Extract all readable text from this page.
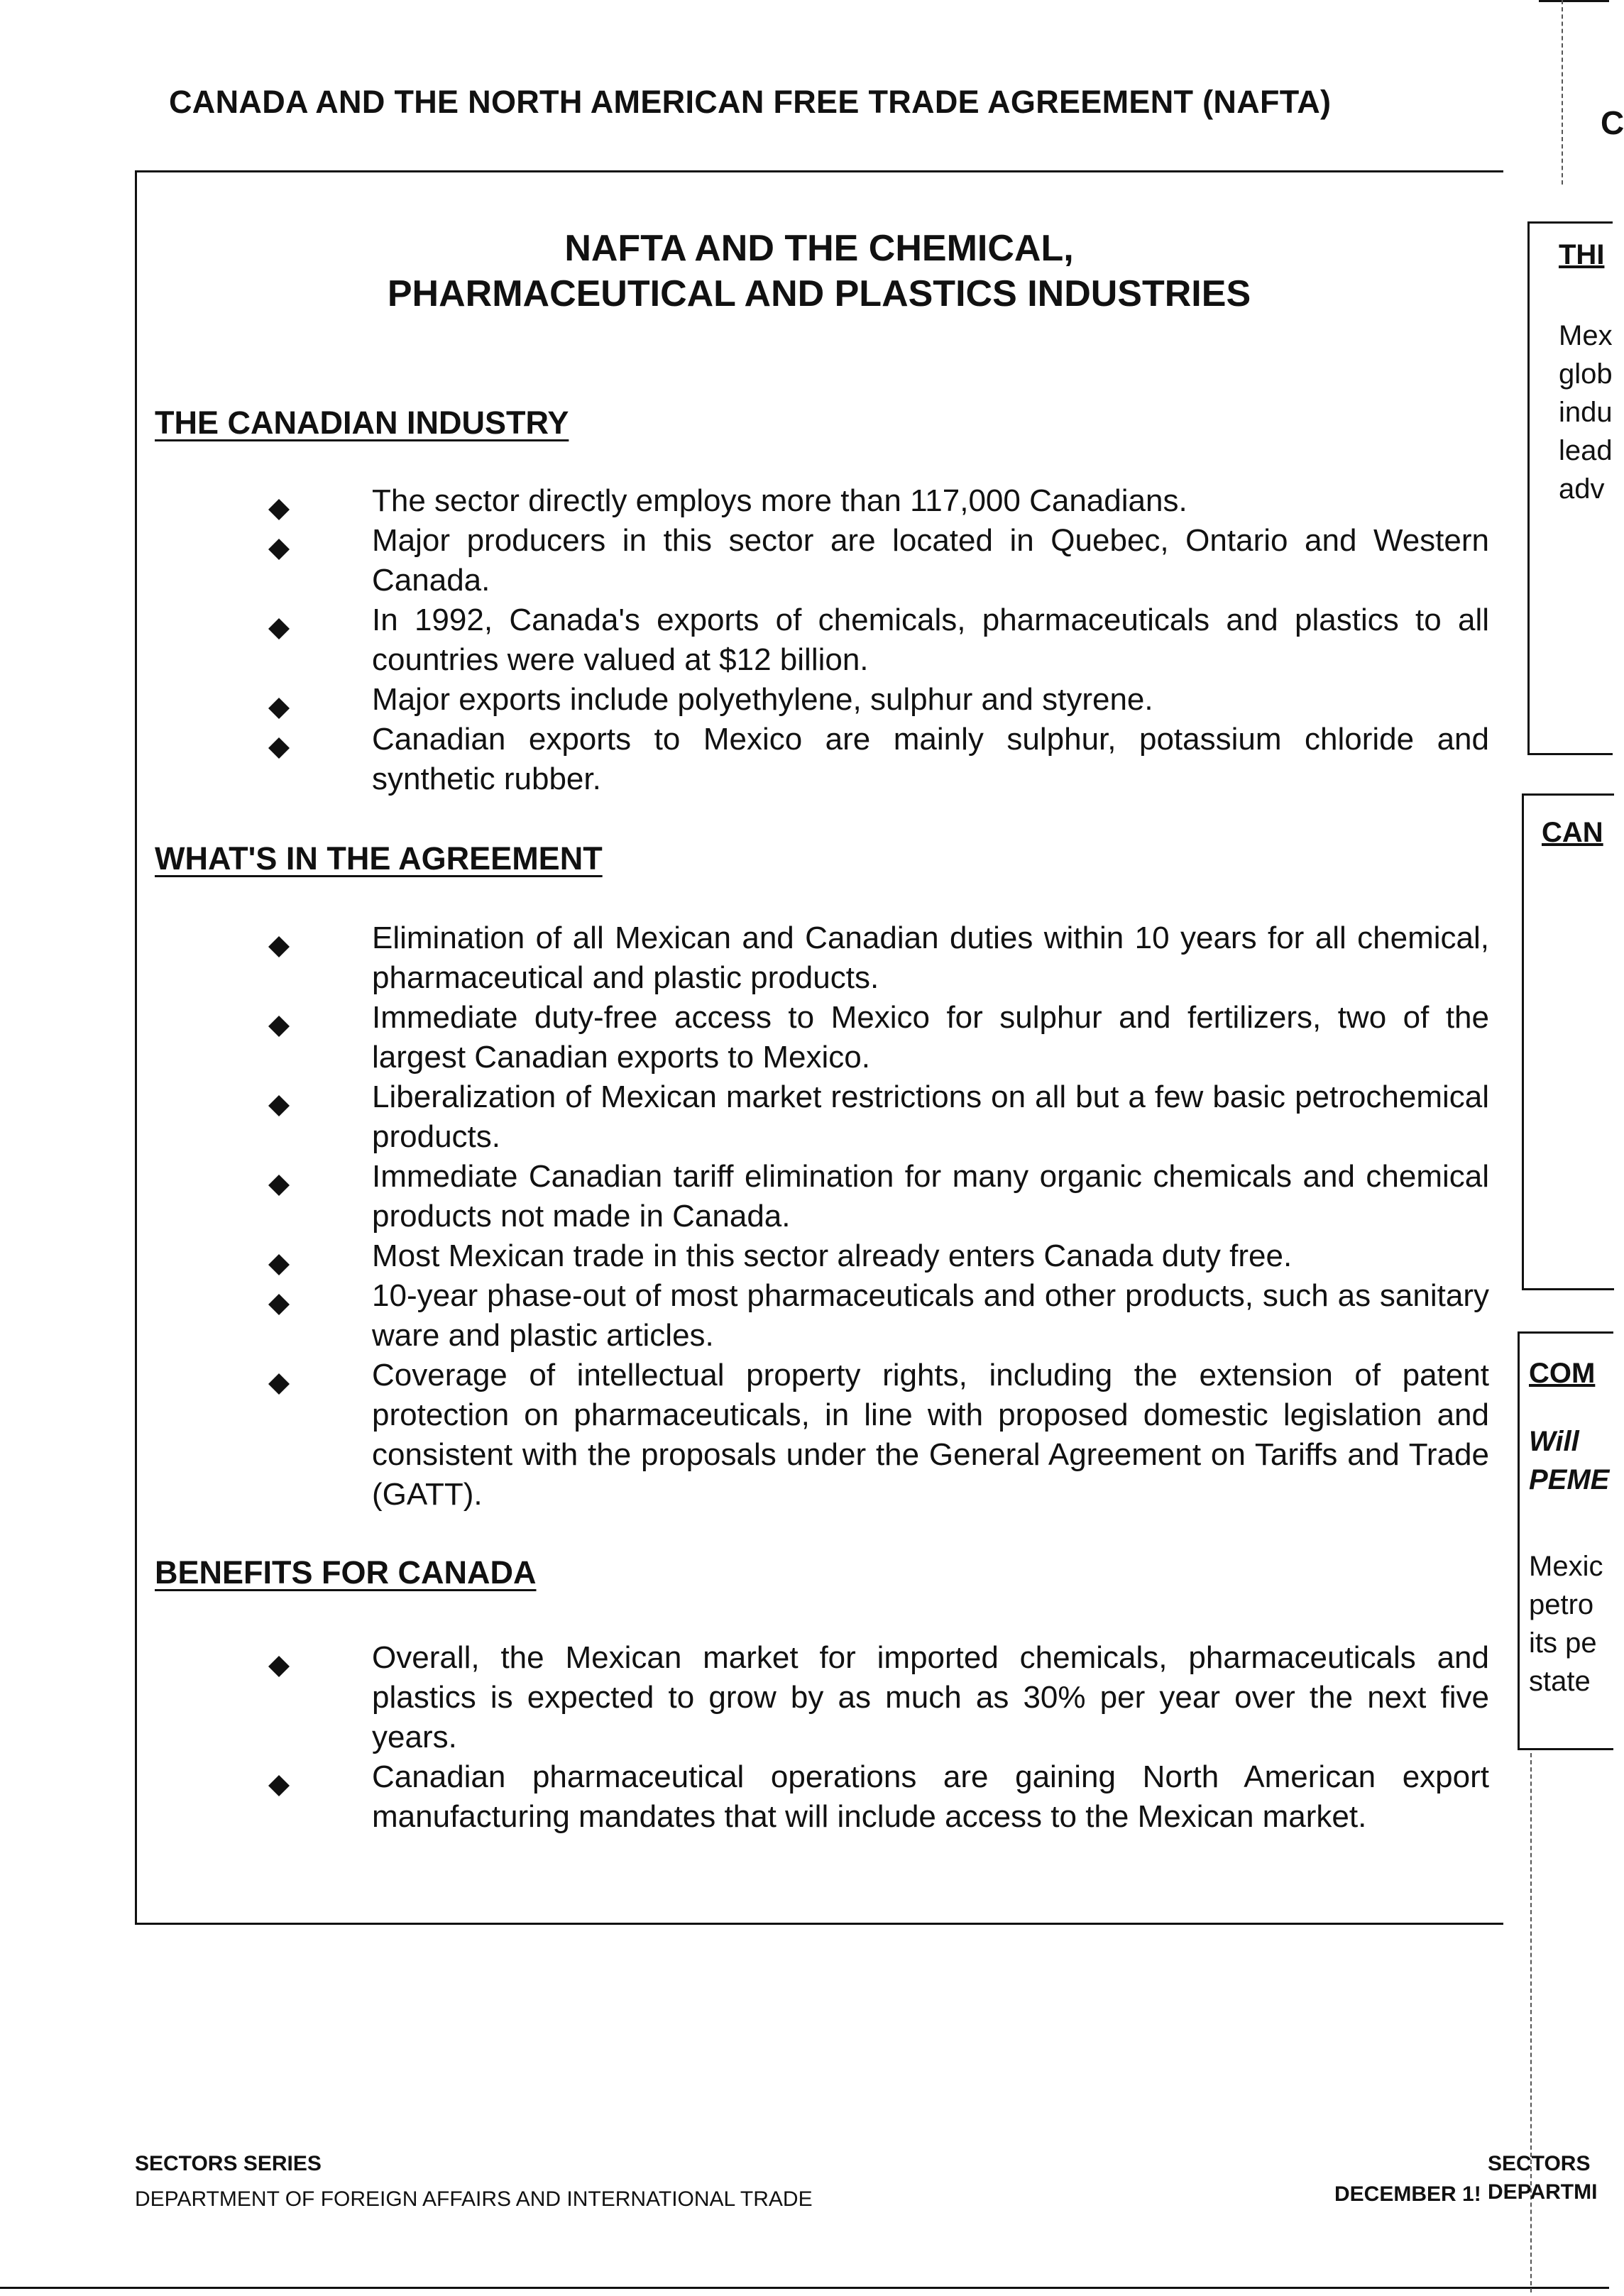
CANADA AND THE NORTH AMERICAN FREE TRADE AGREEMENT (NAFTA)
NAFTA AND THE CHEMICAL,
PHARMACEUTICAL AND PLASTICS INDUSTRIES
THE CANADIAN INDUSTRY
The sector directly employs more than 117,000 Canadians.
Major producers in this sector are located in Quebec, Ontario and Western Canada.
In 1992, Canada's exports of chemicals, pharmaceuticals and plastics to all countries were valued at $12 billion.
Major exports include polyethylene, sulphur and styrene.
Canadian exports to Mexico are mainly sulphur, potassium chloride and synthetic rubber.
WHAT'S IN THE AGREEMENT
Elimination of all Mexican and Canadian duties within 10 years for all chemical, pharmaceutical and plastic products.
Immediate duty-free access to Mexico for sulphur and fertilizers, two of the largest Canadian exports to Mexico.
Liberalization of Mexican market restrictions on all but a few basic petrochemical products.
Immediate Canadian tariff elimination for many organic chemicals and chemical products not made in Canada.
Most Mexican trade in this sector already enters Canada duty free.
10-year phase-out of most pharmaceuticals and other products, such as sanitary ware and plastic articles.
Coverage of intellectual property rights, including the extension of patent protection on pharmaceuticals, in line with proposed domestic legislation and consistent with the proposals under the General Agreement on Tariffs and Trade (GATT).
BENEFITS FOR CANADA
Overall, the Mexican market for imported chemicals, pharmaceuticals and plastics is expected to grow by as much as 30% per year over the next five years.
Canadian pharmaceutical operations are gaining North American export manufacturing mandates that will include access to the Mexican market.
SECTORS SERIES
DEPARTMENT OF FOREIGN AFFAIRS AND INTERNATIONAL TRADE	DECEMBER 1!
C
THI
Mex
glob
indu
lead
adv
CAN
COM
Will
PEME
Mexic
petro
its pe
state
SECTORS
DEPARTMI
